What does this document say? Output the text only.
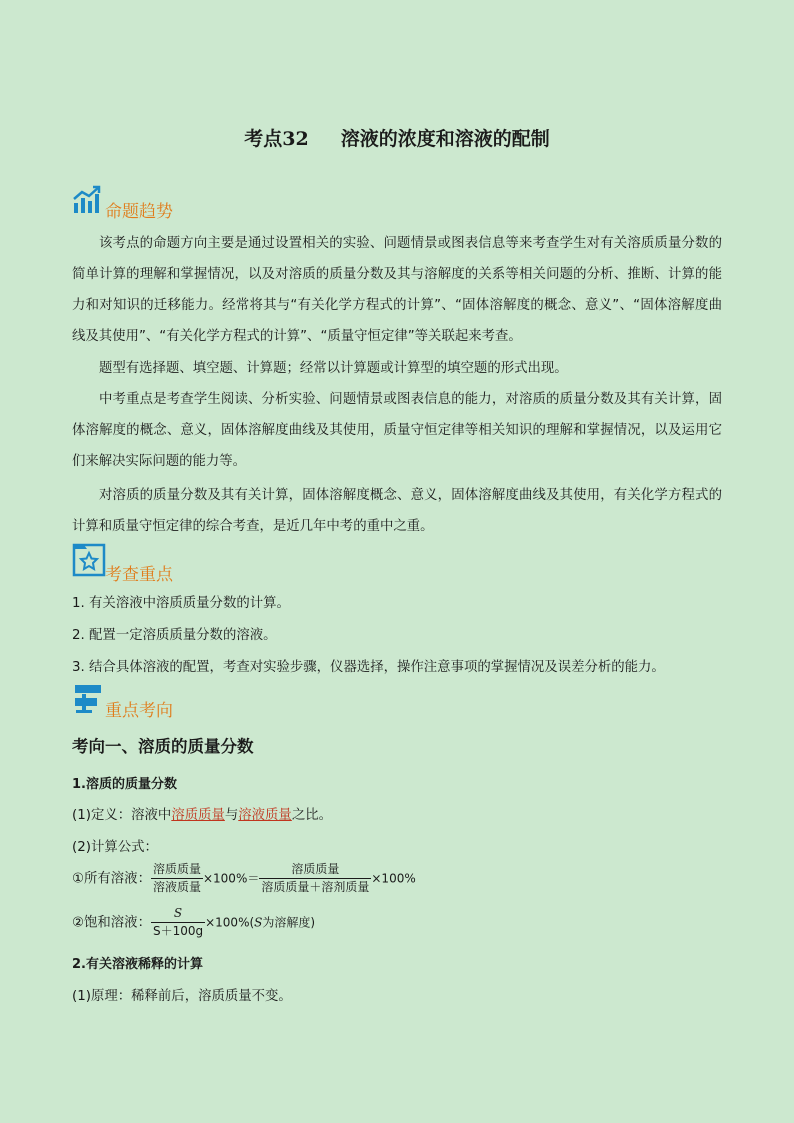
考点32 溶液的浓度和溶液的配制
命题趋势
该考点的命题方向主要是通过设置相关的实验、问题情景或图表信息等来考查学生对有关溶质质量分数的简单计算的理解和掌握情况，以及对溶质的质量分数及其与溶解度的关系等相关问题的分析、推断、计算的能力和对知识的迁移能力。经常将其与“有关化学方程式的计算”、“固体溶解度的概念、意义”、“固体溶解度曲线及其使用”、“有关化学方程式的计算”、“质量守恒定律”等关联起来考查。
题型有选择题、填空题、计算题；经常以计算题或计算型的填空题的形式出现。
中考重点是考查学生阅读、分析实验、问题情景或图表信息的能力，对溶质的质量分数及其有关计算，固体溶解度的概念、意义，固体溶解度曲线及其使用，质量守恒定律等相关知识的理解和掌握情况，以及运用它们来解决实际问题的能力等。
对溶质的质量分数及其有关计算，固体溶解度概念、意义，固体溶解度曲线及其使用，有关化学方程式的计算和质量守恒定律的综合考查，是近几年中考的重中之重。
考查重点
1. 有关溶液中溶质质量分数的计算。
2. 配置一定溶质质量分数的溶液。
3. 结合具体溶液的配置，考查对实验步骤，仪器选择，操作注意事项的掌握情况及误差分析的能力。
重点考向
考向一、溶质的质量分数
1.溶质的质量分数
(1)定义：溶液中溶质质量与溶液质量之比。
(2)计算公式：
①所有溶液： $\frac{\text{溶质质量}}{\text{溶液质量}} \times 100\%= \frac{\text{溶质质量}}{\text{溶质质量＋溶剂质量}} \times 100\%$
②饱和溶液： $\frac{S}{S+100g} \times 100\%(S$为溶解度)
2.有关溶液稀释的计算
(1)原理：稀释前后，溶质质量不变。
